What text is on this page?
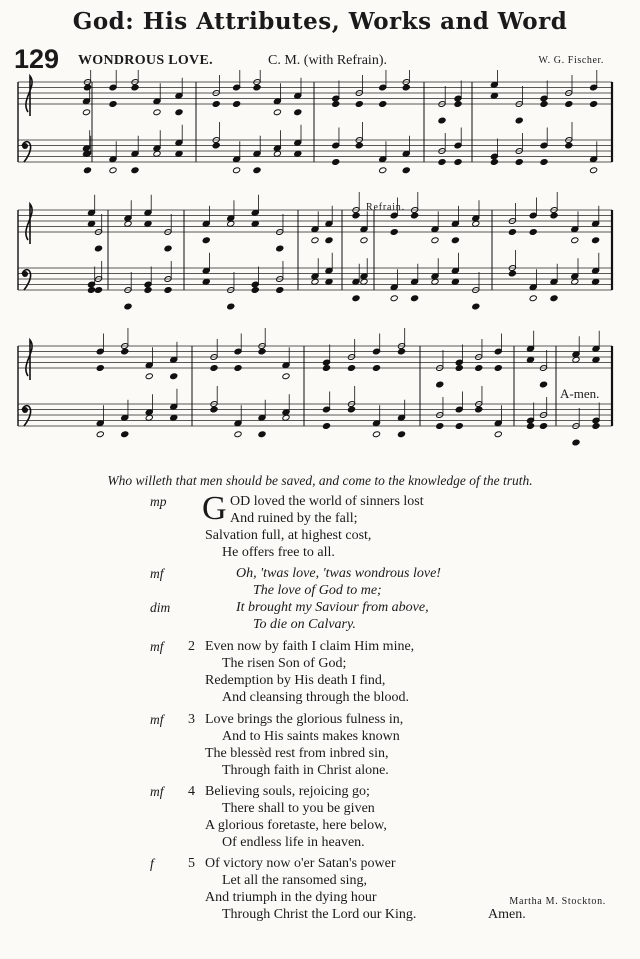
God: His Attributes, Works and Word
129 WONDROUS LOVE.	C. M. (with Refrain).	W. G. Fischer.
Refrain.
A-men.
Who willeth that men should be saved, and come to the knowledge of the truth.
mp	G OD loved the world of sinners lost
And ruined by the fall;
Salvation full, at highest cost,
He offers free to all.
mf	Oh, 'twas love, 'twas wondrous love!
The love of God to me;
dim	It brought my Saviour from above,
To die on Calvary.
mf	2 Even now by faith I claim Him mine,
The risen Son of God;
Redemption by His death I find,
And cleansing through the blood.
mf	3 Love brings the glorious fulness in,
And to His saints makes known
The blessèd rest from inbred sin,
Through faith in Christ alone.
mf	4 Believing souls, rejoicing go;
There shall to you be given
A glorious foretaste, here below,
Of endless life in heaven.
f	5 Of victory now o'er Satan's power
Let all the ransomed sing,
And triumph in the dying hour
Through Christ the Lord our King.	Amen.
Martha M. Stockton.
